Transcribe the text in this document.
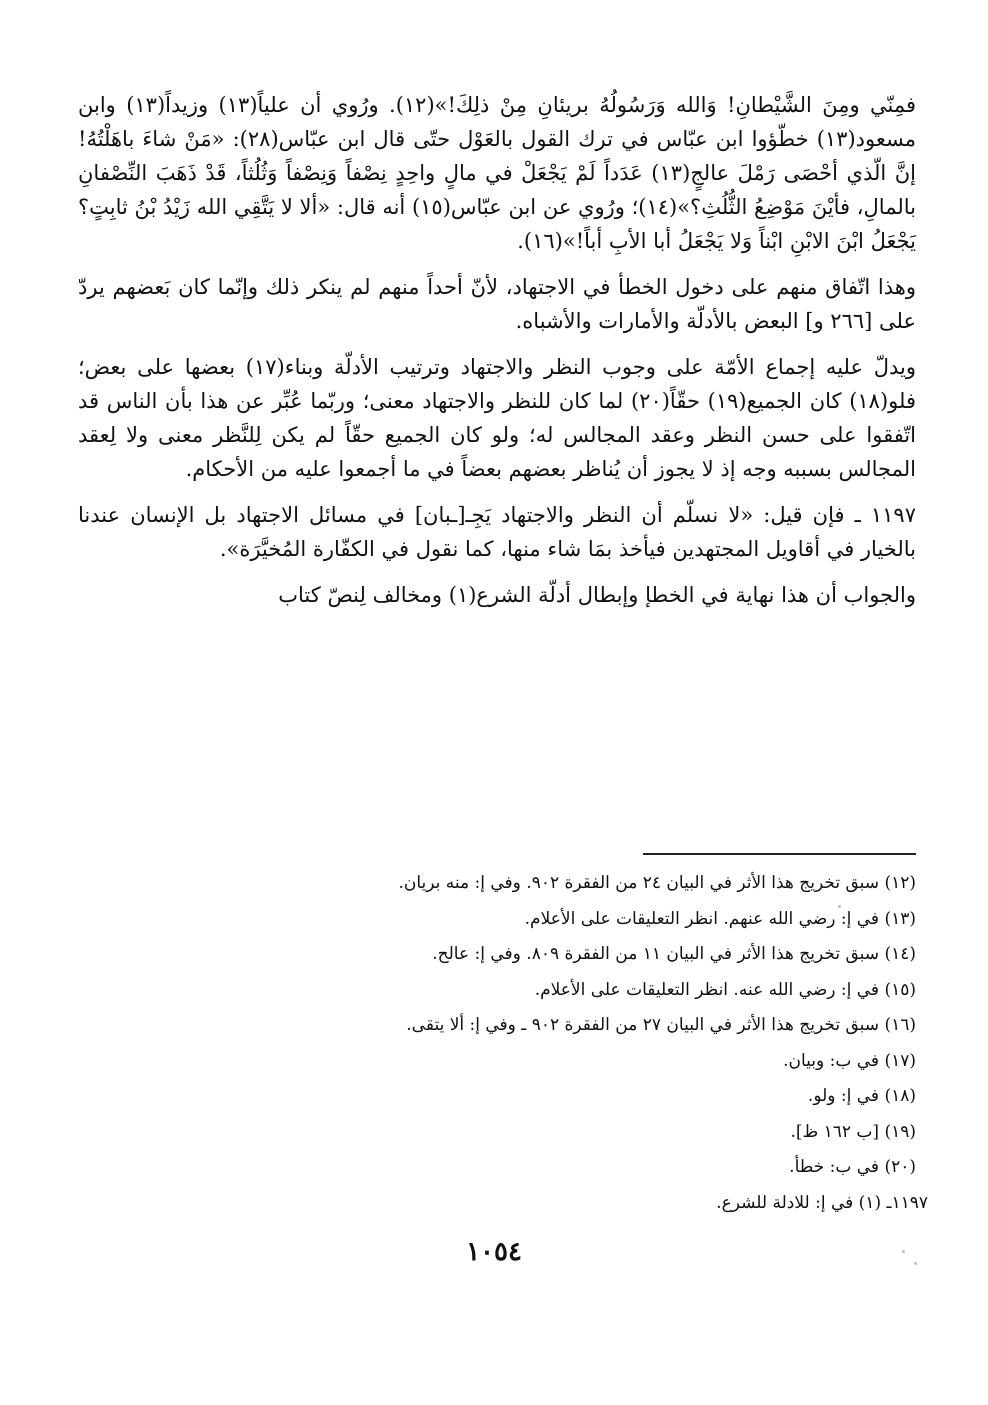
فمِنّي ومِنَ الشَّيْطانِ! وَالله وَرَسُولُهُ بريئانِ مِنْ ذلِكَ!»(١٢). ورُوي أن علياً(١٣) وزيداً(١٣) وابن مسعود(١٣) خطّؤوا ابن عبّاس في ترك القول بالعَوْل حتّى قال ابن عبّاس(٢٨): «مَنْ شاءَ باهَلْتُهُ! إنَّ الّذي أحْصَى رَمْلَ عالجٍ(١٣) عَدَداً لَمْ يَجْعَلْ في مالٍ واحِدٍ نِصْفاً وَنِصْفاً وَثُلُثاً، قَدْ ذَهَبَ النِّصْفانِ بالمالِ، فأيْنَ مَوْضِعُ الثُّلُثِ؟»(١٤)؛ ورُوي عن ابن عبّاس(١٥) أنه قال: «ألا لا يَتَّقِي الله زَيْدُ بْنُ ثابِتٍ؟ يَجْعَلُ ابْنَ الابْنِ ابْناً وَلا يَجْعَلُ أبا الأبِ أباً!»(١٦).

وهذا اتّفاق منهم على دخول الخطأ في الاجتهاد، لأنّ أحداً منهم لم ينكر ذلك وإنّما كان بَعضهم يردّ على [٢٦٦ و] البعض بالأدلّة والأمارات والأشباه.

ويدلّ عليه إجماع الأمّة على وجوب النظر والاجتهاد وترتيب الأدلّة وبناء(١٧) بعضها على بعض؛ فلو(١٨) كان الجميع(١٩) حقّاً(٢٠) لما كان للنظر والاجتهاد معنى؛ وربّما عُبِّر عن هذا بأن الناس قد اتّفقوا على حسن النظر وعقد المجالس له؛ ولو كان الجميع حقّاً لم يكن لِلنَّظر معنى ولا لِعقد المجالس بسببه وجه إذ لا يجوز أن يُناظر بعضهم بعضاً في ما أجمعوا عليه من الأحكام.

١١٩٧ ـ فإن قيل: «لا نسلّم أن النظر والاجتهاد يَجِـ[ـبان] في مسائل الاجتهاد بل الإنسان عندنا بالخيار في أقاويل المجتهدين فيأخذ بمَا شاء منها، كما نقول في الكفّارة المُخيَّرَة».

والجواب أن هذا نهاية في الخطإ وإبطال أدلّة الشرع(١) ومخالف لِنصّ كتاب

(١٢) سبق تخريج هذا الأثر في البيان ٢٤ من الفقرة ٩٠٢. وفي إ: منه بريان.

(١٣) في إ: رضي الله عنهم. انظر التعليقات على الأعلام.

(١٤) سبق تخريج هذا الأثر في البيان ١١ من الفقرة ٨٠٩. وفي إ: عالح.

(١٥) في إ: رضي الله عنه. انظر التعليقات على الأعلام.

(١٦) سبق تخريج هذا الأثر في البيان ٢٧ من الفقرة ٩٠٢ ـ وفي إ: ألا يتقى.

(١٧) في ب: وبيان.

(١٨) في إ: ولو.

(١٩) [ب ١٦٢ ظ].

(٢٠) في ب: خطأ.

١١٩٧ـ (١) في إ: للادلة للشرع.

١٠٥٤
